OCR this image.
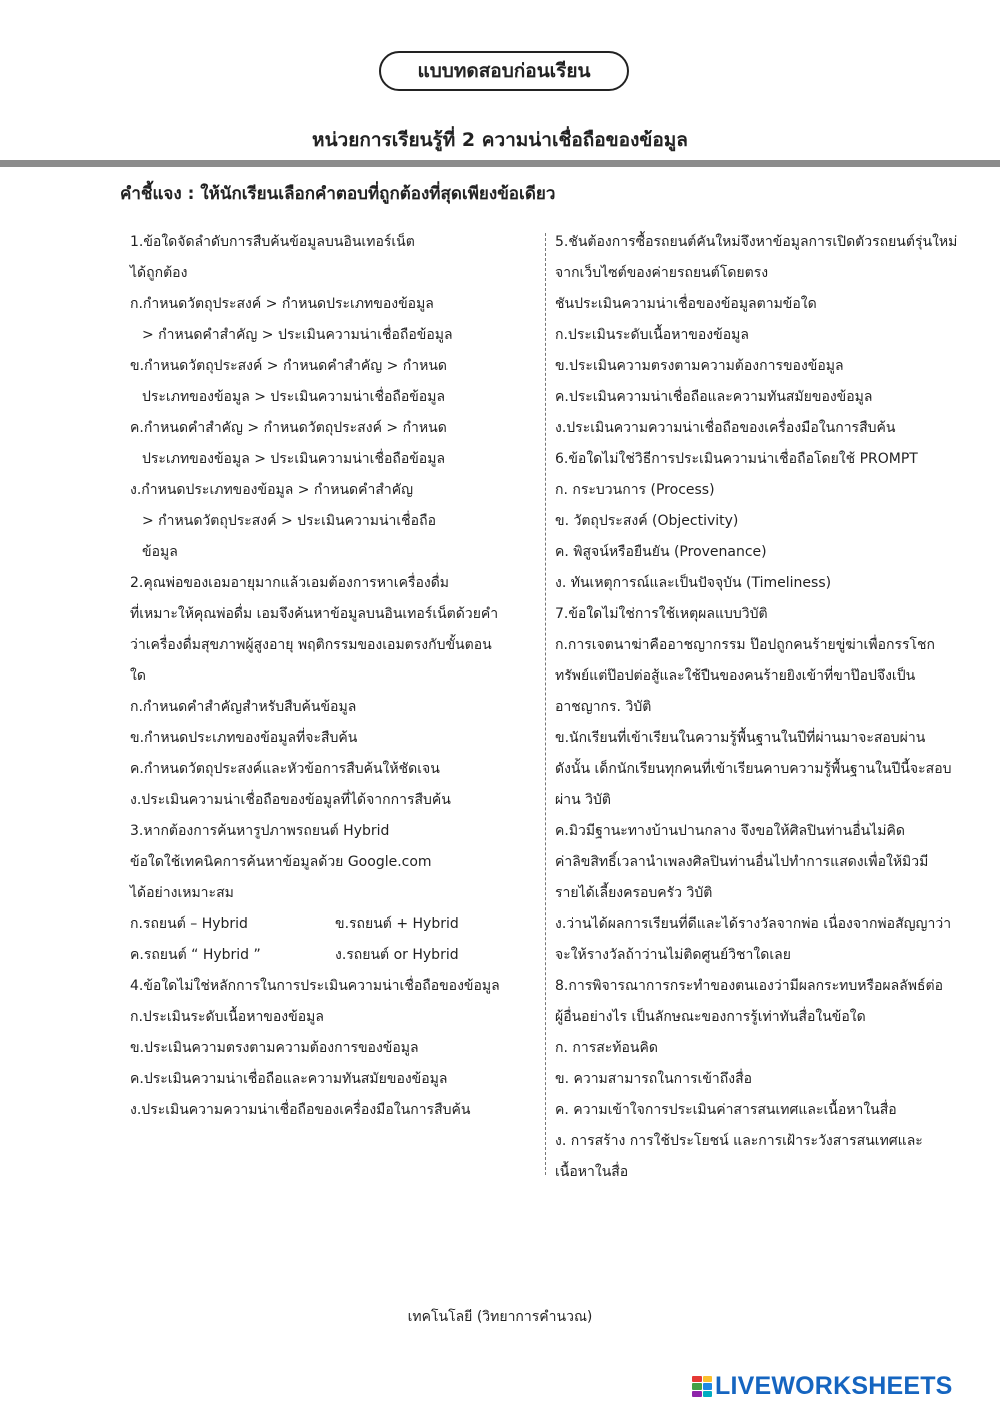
แบบทดสอบก่อนเรียน
หน่วยการเรียนรู้ที่ 2 ความน่าเชื่อถือของข้อมูล
คำชี้แจง : ให้นักเรียนเลือกคำตอบที่ถูกต้องที่สุดเพียงข้อเดียว
1.ข้อใดจัดลำดับการสืบค้นข้อมูลบนอินเทอร์เน็ต
ได้ถูกต้อง
ก.กำหนดวัตถุประสงค์ > กำหนดประเภทของข้อมูล
> กำหนดคำสำคัญ > ประเมินความน่าเชื่อถือข้อมูล
ข.กำหนดวัตถุประสงค์ > กำหนดคำสำคัญ > กำหนด
ประเภทของข้อมูล > ประเมินความน่าเชื่อถือข้อมูล
ค.กำหนดคำสำคัญ > กำหนดวัตถุประสงค์ > กำหนด
ประเภทของข้อมูล > ประเมินความน่าเชื่อถือข้อมูล
ง.กำหนดประเภทของข้อมูล > กำหนดคำสำคัญ
> กำหนดวัตถุประสงค์ > ประเมินความน่าเชื่อถือ
ข้อมูล
2.คุณพ่อของเอมอายุมากแล้วเอมต้องการหาเครื่องดื่ม
ที่เหมาะให้คุณพ่อดื่ม เอมจึงค้นหาข้อมูลบนอินเทอร์เน็ตด้วยคำ
ว่าเครื่องดื่มสุขภาพผู้สูงอายุ พฤติกรรมของเอมตรงกับขั้นตอน
ใด
ก.กำหนดคำสำคัญสำหรับสืบค้นข้อมูล
ข.กำหนดประเภทของข้อมูลที่จะสืบค้น
ค.กำหนดวัตถุประสงค์และหัวข้อการสืบค้นให้ชัดเจน
ง.ประเมินความน่าเชื่อถือของข้อมูลที่ได้จากการสืบค้น
3.หากต้องการค้นหารูปภาพรถยนต์ Hybrid
ข้อใดใช้เทคนิคการค้นหาข้อมูลด้วย Google.com
ได้อย่างเหมาะสม
ก.รถยนต์ – Hybrid	ข.รถยนต์ + Hybrid
ค.รถยนต์ “ Hybrid ”	ง.รถยนต์ or Hybrid
4.ข้อใดไม่ใช่หลักการในการประเมินความน่าเชื่อถือของข้อมูล
ก.ประเมินระดับเนื้อหาของข้อมูล
ข.ประเมินความตรงตามความต้องการของข้อมูล
ค.ประเมินความน่าเชื่อถือและความทันสมัยของข้อมูล
ง.ประเมินความความน่าเชื่อถือของเครื่องมือในการสืบค้น
5.ชันต้องการซื้อรถยนต์คันใหม่จึงหาข้อมูลการเปิดตัวรถยนต์รุ่นใหม่
จากเว็บไซต์ของค่ายรถยนต์โดยตรง
ชันประเมินความน่าเชื่อของข้อมูลตามข้อใด
ก.ประเมินระดับเนื้อหาของข้อมูล
ข.ประเมินความตรงตามความต้องการของข้อมูล
ค.ประเมินความน่าเชื่อถือและความทันสมัยของข้อมูล
ง.ประเมินความความน่าเชื่อถือของเครื่องมือในการสืบค้น
6.ข้อใดไม่ใช่วิธีการประเมินความน่าเชื่อถือโดยใช้ PROMPT
ก. กระบวนการ (Process)
ข. วัตถุประสงค์ (Objectivity)
ค. พิสูจน์หรือยืนยัน (Provenance)
ง. ทันเหตุการณ์และเป็นปัจจุบัน (Timeliness)
7.ข้อใดไม่ใช่การใช้เหตุผลแบบวิบัติ
ก.การเจตนาฆ่าคืออาชญากรรม ป๊อปถูกคนร้ายขู่ฆ่าเพื่อกรรโชก
ทรัพย์แต่ป๊อปต่อสู้และใช้ปืนของคนร้ายยิงเข้าที่ขาป๊อปจึงเป็น
อาชญากร. วิบัติ
ข.นักเรียนที่เข้าเรียนในความรู้พื้นฐานในปีที่ผ่านมาจะสอบผ่าน
ดังนั้น เด็กนักเรียนทุกคนที่เข้าเรียนคาบความรู้พื้นฐานในปีนี้จะสอบ
ผ่าน วิบัติ
ค.มิวมีฐานะทางบ้านปานกลาง จึงขอให้ศิลปินท่านอื่นไม่คิด
ค่าลิขสิทธิ์เวลานำเพลงศิลปินท่านอื่นไปทำการแสดงเพื่อให้มิวมี
รายได้เลี้ยงครอบครัว วิบัติ
ง.ว่านได้ผลการเรียนที่ดีและได้รางวัลจากพ่อ เนื่องจากพ่อสัญญาว่า
จะให้รางวัลถ้าว่านไม่ติดศูนย์วิชาใดเลย
8.การพิจารณาการกระทำของตนเองว่ามีผลกระทบหรือผลลัพธ์ต่อ
ผู้อื่นอย่างไร เป็นลักษณะของการรู้เท่าทันสื่อในข้อใด
ก. การสะท้อนคิด
ข. ความสามารถในการเข้าถึงสื่อ
ค. ความเข้าใจการประเมินค่าสารสนเทศและเนื้อหาในสื่อ
ง. การสร้าง การใช้ประโยชน์ และการเฝ้าระวังสารสนเทศและ
เนื้อหาในสื่อ
เทคโนโลยี (วิทยาการคำนวณ)
LIVEWORKSHEETS
